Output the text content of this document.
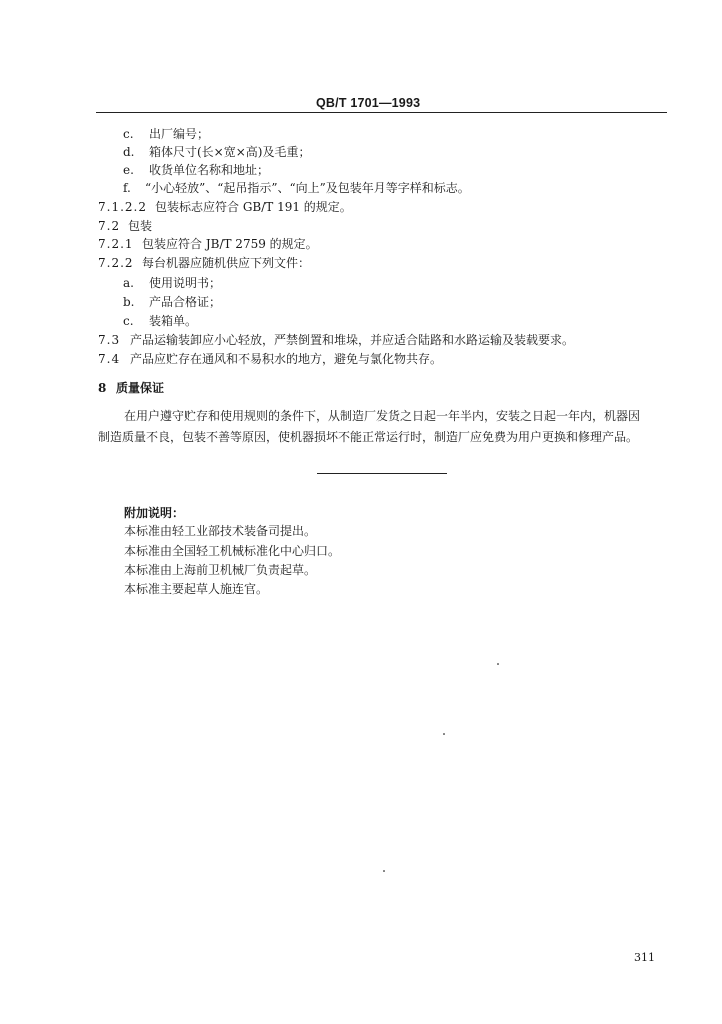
QB/T 1701—1993
c. 出厂编号；
d. 箱体尺寸(长×宽×高)及毛重；
e. 收货单位名称和地址；
f. “小心轻放”、“起吊指示”、“向上”及包装年月等字样和标志。
7.1.2.2 包装标志应符合 GB/T 191 的规定。
7.2 包装
7.2.1 包装应符合 JB/T 2759 的规定。
7.2.2 每台机器应随机供应下列文件：
a. 使用说明书；
b. 产品合格证；
c. 装箱单。
7.3 产品运输装卸应小心轻放，严禁倒置和堆垛，并应适合陆路和水路运输及装载要求。
7.4 产品应贮存在通风和不易积水的地方，避免与氯化物共存。
8 质量保证
在用户遵守贮存和使用规则的条件下，从制造厂发货之日起一年半内，安装之日起一年内，机器因
制造质量不良，包装不善等原因，使机器损坏不能正常运行时，制造厂应免费为用户更换和修理产品。
附加说明：
本标准由轻工业部技术装备司提出。
本标准由全国轻工机械标准化中心归口。
本标准由上海前卫机械厂负责起草。
本标准主要起草人施连官。
311
